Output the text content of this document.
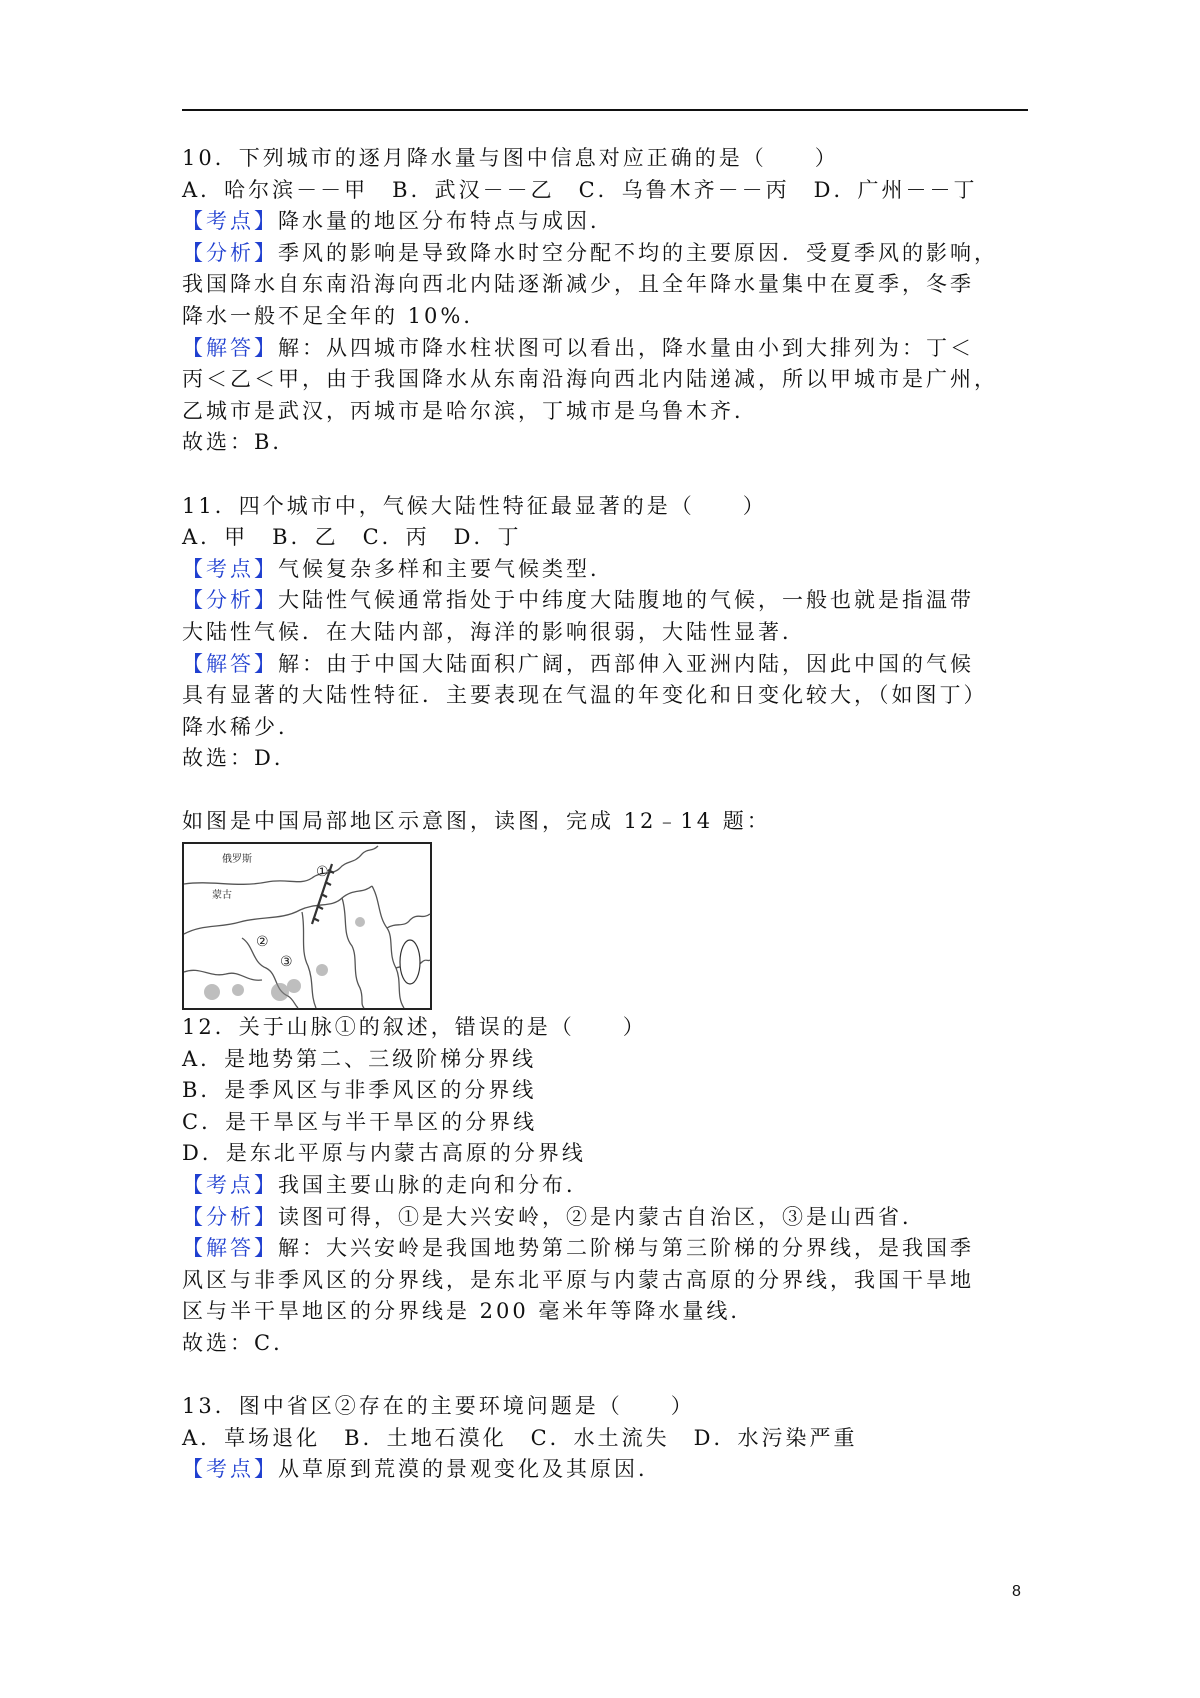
10．下列城市的逐月降水量与图中信息对应正确的是（　　）
A．哈尔滨－－甲　B．武汉－－乙　C．乌鲁木齐－－丙　D．广州－－丁
【考点】降水量的地区分布特点与成因．
【分析】季风的影响是导致降水时空分配不均的主要原因．受夏季风的影响，
我国降水自东南沿海向西北内陆逐渐减少，且全年降水量集中在夏季，冬季
降水一般不足全年的 10%．
【解答】解：从四城市降水柱状图可以看出，降水量由小到大排列为：丁＜
丙＜乙＜甲，由于我国降水从东南沿海向西北内陆递减，所以甲城市是广州，
乙城市是武汉，丙城市是哈尔滨，丁城市是乌鲁木齐．
故选：B．
11．四个城市中，气候大陆性特征最显著的是（　　）
A．甲　B．乙　C．丙　D．丁
【考点】气候复杂多样和主要气候类型．
【分析】大陆性气候通常指处于中纬度大陆腹地的气候，一般也就是指温带
大陆性气候．在大陆内部，海洋的影响很弱，大陆性显著．
【解答】解：由于中国大陆面积广阔，西部伸入亚洲内陆，因此中国的气候
具有显著的大陆性特征．主要表现在气温的年变化和日变化较大，（如图丁）
降水稀少．
故选：D．
如图是中国局部地区示意图，读图，完成 12﹣14 题：
俄罗斯
蒙古
①
②
③
12．关于山脉①的叙述，错误的是（　　）
A．是地势第二、三级阶梯分界线
B．是季风区与非季风区的分界线
C．是干旱区与半干旱区的分界线
D．是东北平原与内蒙古高原的分界线
【考点】我国主要山脉的走向和分布．
【分析】读图可得，①是大兴安岭，②是内蒙古自治区，③是山西省．
【解答】解：大兴安岭是我国地势第二阶梯与第三阶梯的分界线，是我国季
风区与非季风区的分界线，是东北平原与内蒙古高原的分界线，我国干旱地
区与半干旱地区的分界线是 200 毫米年等降水量线．
故选：C．
13．图中省区②存在的主要环境问题是（　　）
A．草场退化　B．土地石漠化　C．水土流失　D．水污染严重
【考点】从草原到荒漠的景观变化及其原因．
8
